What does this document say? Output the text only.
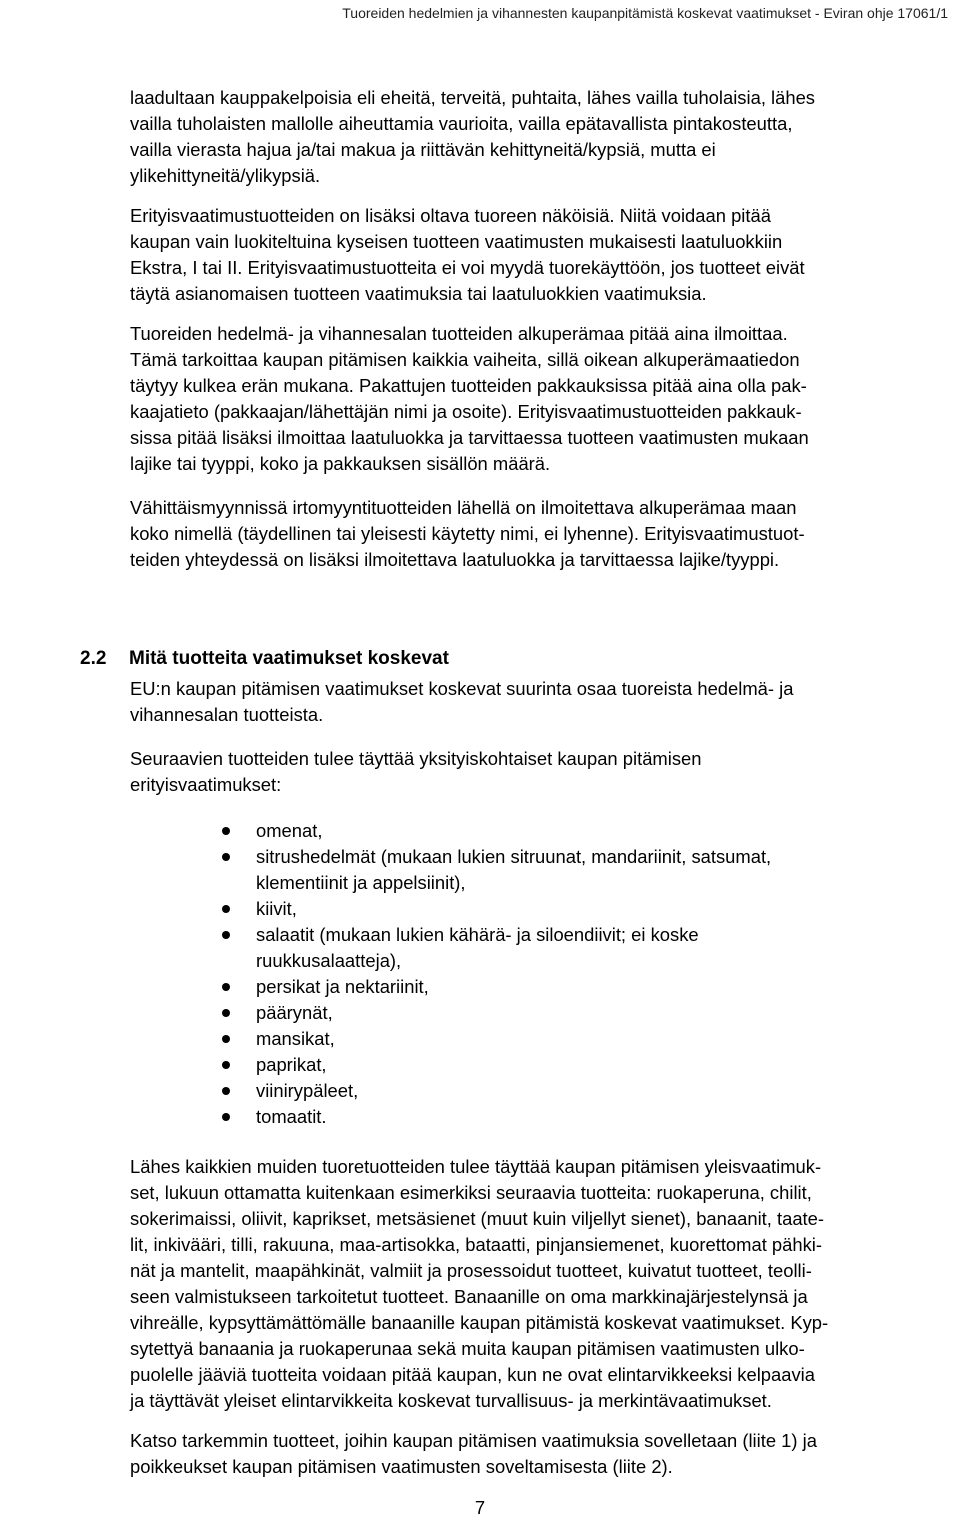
Tuoreiden hedelmien ja vihannesten kaupanpitämistä koskevat vaatimukset - Eviran ohje 17061/1

laadultaan kauppakelpoisia eli eheitä, terveitä, puhtaita, lähes vailla tuholaisia, lähes
vailla tuholaisten mallolle aiheuttamia vaurioita, vailla epätavallista pintakosteutta,
vailla vierasta hajua ja/tai makua ja riittävän kehittyneitä/kypsiä, mutta ei
ylikehittyneitä/ylikypsiä.

Erityisvaatimustuotteiden on lisäksi oltava tuoreen näköisiä. Niitä voidaan pitää
kaupan vain luokiteltuina kyseisen tuotteen vaatimusten mukaisesti laatuluokkiin
Ekstra, I tai II. Erityisvaatimustuotteita ei voi myydä tuorekäyttöön, jos tuotteet eivät
täytä asianomaisen tuotteen vaatimuksia tai laatuluokkien vaatimuksia.

Tuoreiden hedelmä- ja vihannesalan tuotteiden alkuperämaa pitää aina ilmoittaa.
Tämä tarkoittaa kaupan pitämisen kaikkia vaiheita, sillä oikean alkuperämaatiedon
täytyy kulkea erän mukana. Pakattujen tuotteiden pakkauksissa pitää aina olla pak-
kaajatieto (pakkaajan/lähettäjän nimi ja osoite). Erityisvaatimustuotteiden pakkauk-
sissa pitää lisäksi ilmoittaa laatuluokka ja tarvittaessa tuotteen vaatimusten mukaan
lajike tai tyyppi, koko ja pakkauksen sisällön määrä.

Vähittäismyynnissä irtomyyntituotteiden lähellä on ilmoitettava alkuperämaa maan
koko nimellä (täydellinen tai yleisesti käytetty nimi, ei lyhenne). Erityisvaatimustuot-
teiden yhteydessä on lisäksi ilmoitettava laatuluokka ja tarvittaessa lajike/tyyppi.

2.2 Mitä tuotteita vaatimukset koskevat

EU:n kaupan pitämisen vaatimukset koskevat suurinta osaa tuoreista hedelmä- ja
vihannesalan tuotteista.

Seuraavien tuotteiden tulee täyttää yksityiskohtaiset kaupan pitämisen
erityisvaatimukset:

omenat,
sitrushedelmät (mukaan lukien sitruunat, mandariinit, satsumat,
klementiinit ja appelsiinit),
kiivit,
salaatit (mukaan lukien kähärä- ja siloendiivit; ei koske
ruukkusalaatteja),
persikat ja nektariinit,
päärynät,
mansikat,
paprikat,
viinirypäleet,
tomaatit.

Lähes kaikkien muiden tuoretuotteiden tulee täyttää kaupan pitämisen yleisvaatimuk-
set, lukuun ottamatta kuitenkaan esimerkiksi seuraavia tuotteita: ruokaperuna, chilit,
sokerimaissi, oliivit, kaprikset, metsäsienet (muut kuin viljellyt sienet), banaanit, taate-
lit, inkivääri, tilli, rakuuna, maa-artisokka, bataatti, pinjansiemenet, kuorettomat pähki-
nät ja mantelit, maapähkinät, valmiit ja prosessoidut tuotteet, kuivatut tuotteet, teolli-
seen valmistukseen tarkoitetut tuotteet. Banaanille on oma markkinajärjestelynsä ja
vihreälle, kypsyttämättömälle banaanille kaupan pitämistä koskevat vaatimukset. Kyp-
sytettyä banaania ja ruokaperunaa sekä muita kaupan pitämisen vaatimusten ulko-
puolelle jääviä tuotteita voidaan pitää kaupan, kun ne ovat elintarvikkeeksi kelpaavia
ja täyttävät yleiset elintarvikkeita koskevat turvallisuus- ja merkintävaatimukset.

Katso tarkemmin tuotteet, joihin kaupan pitämisen vaatimuksia sovelletaan (liite 1) ja
poikkeukset kaupan pitämisen vaatimusten soveltamisesta (liite 2).

7
